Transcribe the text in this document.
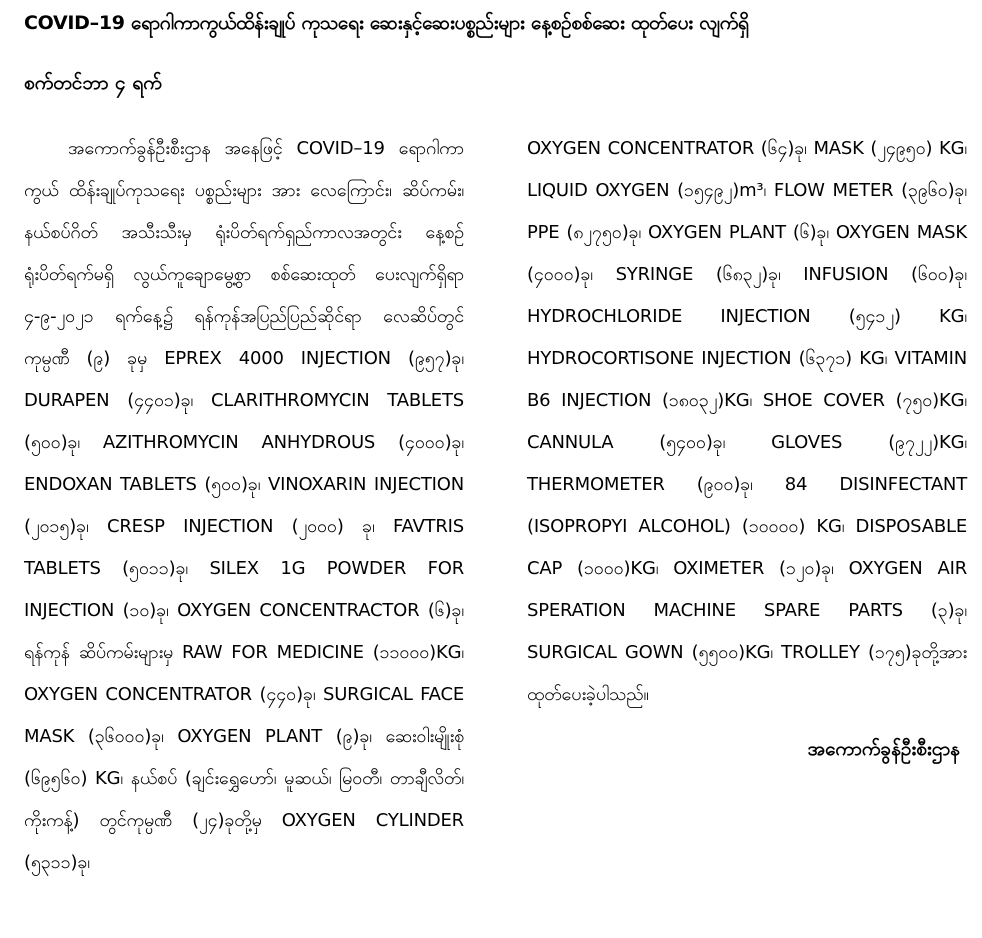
COVID–19 ရောဂါကာကွယ်ထိန်းချုပ် ကုသရေး ဆေးနှင့်ဆေးပစ္စည်းများ နေ့စဉ်စစ်ဆေး ထုတ်ပေး လျက်ရှိ
စက်တင်ဘာ ၄ ရက်
အကောက်ခွန်ဦးစီးဌာန အနေဖြင့် COVID–19 ရောဂါကာကွယ် ထိန်းချုပ်ကုသရေး ပစ္စည်းများ အား လေကြောင်း၊ ဆိပ်ကမ်း၊ နယ်စပ်ဂိတ် အသီးသီးမှ ရုံးပိတ်ရက်ရှည်ကာလအတွင်း နေ့စဉ် ရုံးပိတ်ရက်မရှိ လွယ်ကူချောမွေ့စွာ စစ်ဆေးထုတ် ပေးလျက်ရှိရာ ၄-၉-၂၀၂၁ ရက်နေ့၌ ရန်ကုန်အပြည်ပြည်ဆိုင်ရာ လေဆိပ်တွင် ကုမ္ပဏီ (၉) ခုမှ EPREX 4000 INJECTION (၉၅၇)ခု၊ DURAPEN (၄၄၀၁)ခု၊ CLARITHROMYCIN TABLETS (၅၀၀)ခု၊ AZITHROMYCIN ANHYDROUS (၄၀၀၀)ခု၊ENDOXAN TABLETS (၅၀၀)ခု၊ VINOXARIN INJECTION (၂၀၁၅)ခု၊ CRESP INJECTION (၂၀၀၀) ခု၊ FAVTRIS TABLETS (၅၀၁၁)ခု၊ SILEX 1G POWDER FOR INJECTION (၁၀)ခု၊ OXYGEN CONCENTRACTOR (၆)ခု၊ ရန်ကုန် ဆိပ်ကမ်းများမှ RAW FOR MEDICINE (၁၁၀၀၀)KG၊ OXYGEN CONCENTRATOR (၄၄၀)ခု၊ SURGICAL FACE MASK (၃၆၀၀၀)ခု၊ OXYGEN PLANT (၉)ခု၊ ဆေးဝါးမျိုးစုံ (၆၉၅၆၀) KG၊ နယ်စပ် (ချင်းရွှေဟော်၊ မူဆယ်၊ မြဝတီ၊ တာချီလိတ်၊ ကိုးကန့်) တွင်ကုမ္ပဏီ (၂၄)ခုတို့မှ OXYGEN CYLINDER (၅၃၁၁)ခု၊
OXYGEN CONCENTRATOR (၆၄)ခု၊ MASK (၂၄၉၅၀) KG၊ LIQUID OXYGEN (၁၅၄၉၂)m³၊ FLOW METER (၃၉၆၀)ခု၊ PPE (၈၂၇၅၀)ခု၊ OXYGEN PLANT (၆)ခု၊ OXYGEN MASK (၄၀၀၀)ခု၊ SYRINGE (၆၈၃၂)ခု၊ INFUSION (၆၀၀)ခု၊ HYDROCHLORIDE INJECTION (၅၄၁၂) KG၊ HYDROCORTISONE INJECTION (၆၃၇၁) KG၊ VITAMIN B6 INJECTION (၁၈၀၃၂)KG၊ SHOE COVER (၇၅၀)KG၊ CANNULA (၅၄၀၀)ခု၊ GLOVES (၉၇၂၂)KG၊ THERMOMETER (၉၀၀)ခု၊ 84 DISINFECTANT (ISOPROPYI ALCOHOL) (၁၀၀၀၀) KG၊ DISPOSABLE CAP (၁၀၀၀)KG၊ OXIMETER (၁၂၀)ခု၊ OXYGEN AIR SPERATION MACHINE SPARE PARTS (၃)ခု၊ SURGICAL GOWN (၅၅၀၀)KG၊ TROLLEY (၁၇၅)ခုတို့အား ထုတ်ပေးခဲ့ပါသည်။
အကောက်ခွန်ဦးစီးဌာန
